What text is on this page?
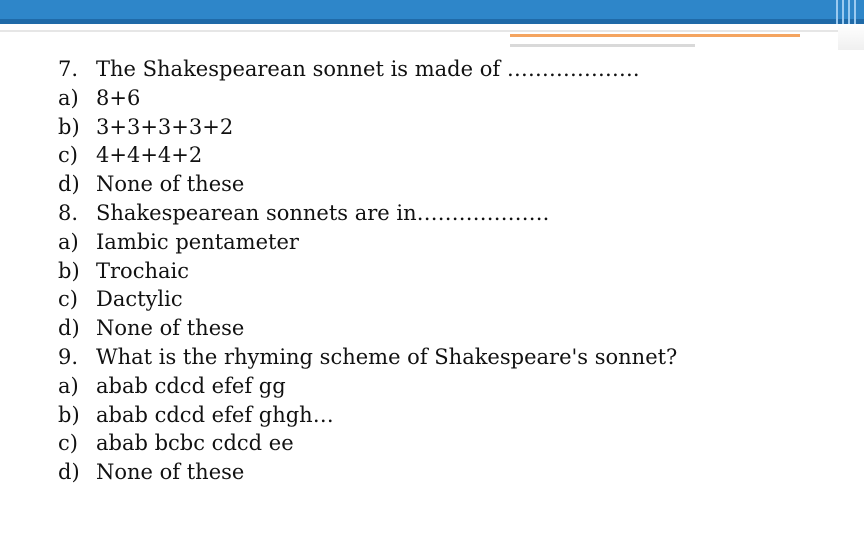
7. The Shakespearean sonnet is made of ……………….
a) 8+6
b) 3+3+3+3+2
c) 4+4+4+2
d) None of these
8. Shakespearean sonnets are in……………….
a) Iambic pentameter
b) Trochaic
c) Dactylic
d) None of these
9. What is the rhyming scheme of Shakespeare's sonnet?
a) abab cdcd efef gg
b) abab cdcd efef ghgh…
c) abab bcbc cdcd ee
d) None of these
